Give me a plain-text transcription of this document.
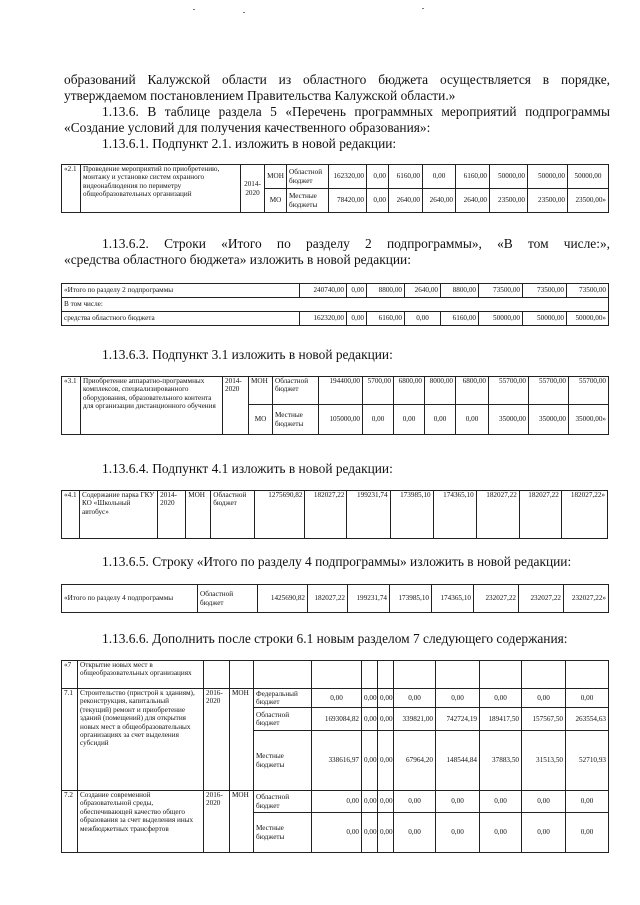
образований Калужской области из областного бюджета осуществляется в порядке,
утверждаемом постановлением Правительства Калужской области.»
1.13.6. В таблице раздела 5 «Перечень программных мероприятий подпрограммы
«Создание условий для получения качественного образования»:
1.13.6.1. Подпункт 2.1. изложить в новой редакции:
«2.1	Проведение мероприятий по приобретению, монтажу и установке систем охранного видеонаблюдения по периметру общеобразовательных организаций	2014-2020	МОН	Областной бюджет	162320,00	0,00	6160,00	0,00	6160,00	50000,00	50000,00	50000,00
			МО	Местные бюджеты	78420,00	0,00	2640,00	2640,00	2640,00	23500,00	23500,00	23500,00»
1.13.6.2. Строки «Итого по разделу 2 подпрограммы», «В том числе:»,
«средства областного бюджета» изложить в новой редакции:
«Итого по разделу 2 подпрограммы	240740,00	0,00	8800,00	2640,00	8800,00	73500,00	73500,00	73500,00
В том числе:								
средства областного бюджета	162320,00	0,00	6160,00	0,00	6160,00	50000,00	50000,00	50000,00»
1.13.6.3. Подпункт 3.1 изложить в новой редакции:
«3.1	Приобретение аппаратно-программных комплексов, специализированного оборудования, образовательного контента для организации дистанционного обучения	2014-2020	МОН	Областной бюджет	194400,00	5700,00	6800,00	8000,00	6800,00	55700,00	55700,00	55700,00
			МО	Местные бюджеты	105000,00	0,00	0,00	0,00	0,00	35000,00	35000,00	35000,00»
1.13.6.4. Подпункт 4.1 изложить в новой редакции:
«4.1	Содержание парка ГКУ КО «Школьный автобус»	2014-2020	МОН	Областной бюджет	1275690,82	182027,22	199231,74	173985,10	174365,10	182027,22	182027,22	182027,22»
1.13.6.5. Строку «Итого по разделу 4 подпрограммы» изложить в новой редакции:
«Итого по разделу 4 подпрограммы	Областной бюджет	1425690,82	182027,22	199231,74	173985,10	174365,10	232027,22	232027,22	232027,22»
1.13.6.6. Дополнить после строки 6.1 новым разделом 7 следующего содержания:
«7	Открытие новых мест в общеобразовательных организациях											
7.1	Строительство (пристрой к зданиям), реконструкция, капитальный (текущий) ремонт и приобретение зданий (помещений) для открытия новых мест в общеобразовательных организациях за счет выделения субсидий	2016-2020	МОН	Федеральный бюджет	0,00	0,00	0,00	0,00	0,00	0,00	0,00	0,00
				Областной бюджет	1693084,82	0,00	0,00	339821,00	742724,19	189417,50	157567,50	263554,63
				Местные бюджеты	338616,97	0,00	0,00	67964,20	148544,84	37883,50	31513,50	52710,93
7.2	Создание современной образовательной среды, обеспечивающей качество общего образования за счет выделения иных межбюджетных трансфертов	2016-2020	МОН	Областной бюджет	0,00	0,00	0,00	0,00	0,00	0,00	0,00	0,00
				Местные бюджеты	0,00	0,00	0,00	0,00	0,00	0,00	0,00	0,00
